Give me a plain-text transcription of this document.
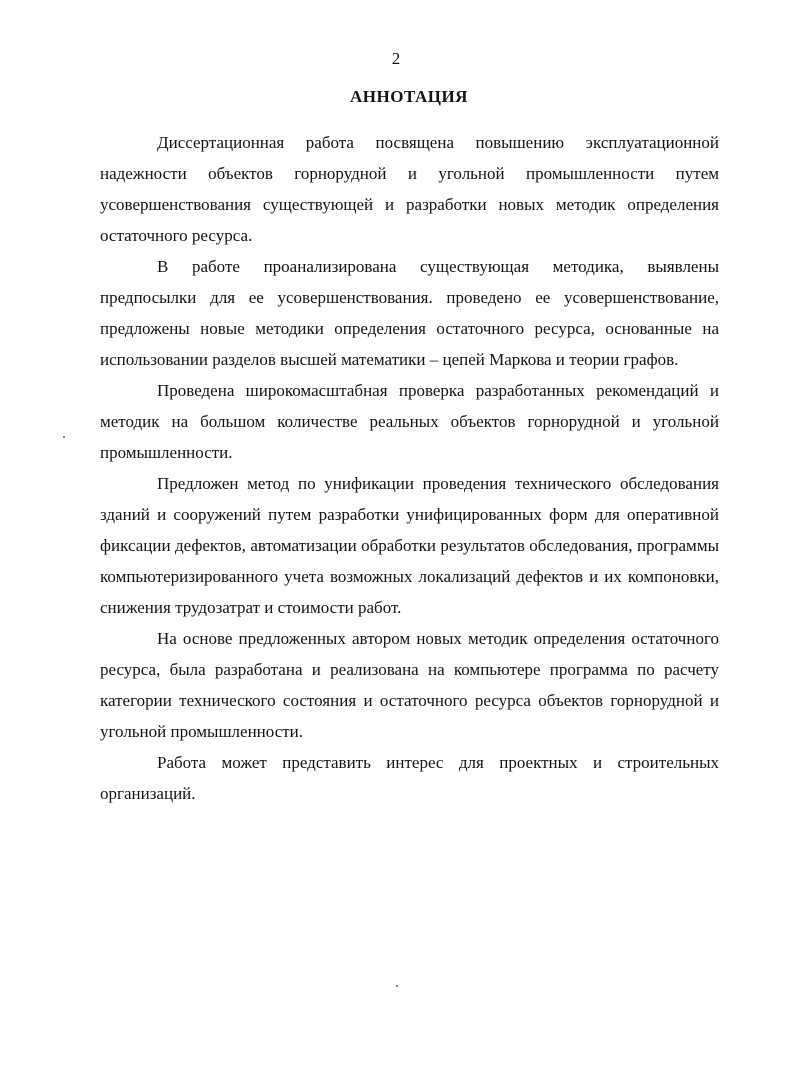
2

АННОТАЦИЯ

Диссертационная работа посвящена повышению эксплуатационной надежности объектов горнорудной и угольной промышленности путем усовершенствования существующей и разработки новых методик определения остаточного ресурса.

В работе проанализирована существующая методика, выявлены предпосылки для ее усовершенствования. проведено ее усовершенствование, предложены новые методики определения остаточного ресурса, основанные на использовании разделов высшей математики – цепей Маркова и теории графов.

Проведена широкомасштабная проверка разработанных рекомендаций и методик на большом количестве реальных объектов горнорудной и угольной промышленности.

Предложен метод по унификации проведения технического обследования зданий и сооружений путем разработки унифицированных форм для оперативной фиксации дефектов, автоматизации обработки результатов обследования, программы компьютеризированного учета возможных локализаций дефектов и их компоновки, снижения трудозатрат и стоимости работ.

На основе предложенных автором новых методик определения остаточного ресурса, была разработана и реализована на компьютере программа по расчету категории технического состояния и остаточного ресурса объектов горнорудной и угольной промышленности.

Работа может представить интерес для проектных и строительных организаций.
